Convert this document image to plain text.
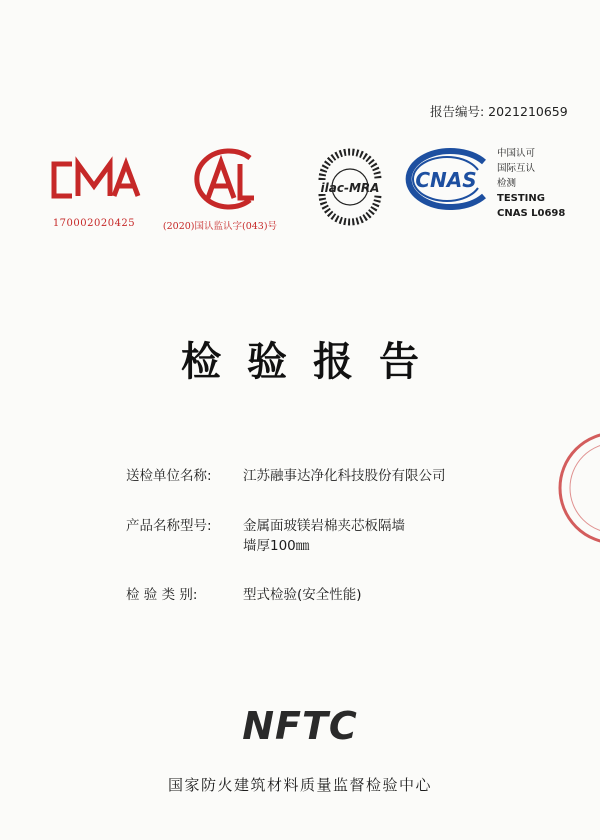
报告编号: 2021210659
170002020425	(2020)国认监认字(043)号
ilac-MRA CNAS
中国认可
国际互认
检测
TESTING
CNAS L0698
检验报告
送检单位名称: 江苏融事达净化科技股份有限公司
产品名称型号: 金属面玻镁岩棉夹芯板隔墙
墙厚100㎜
检 验 类 别:	型式检验(安全性能)
NFTC
国家防火建筑材料质量监督检验中心
